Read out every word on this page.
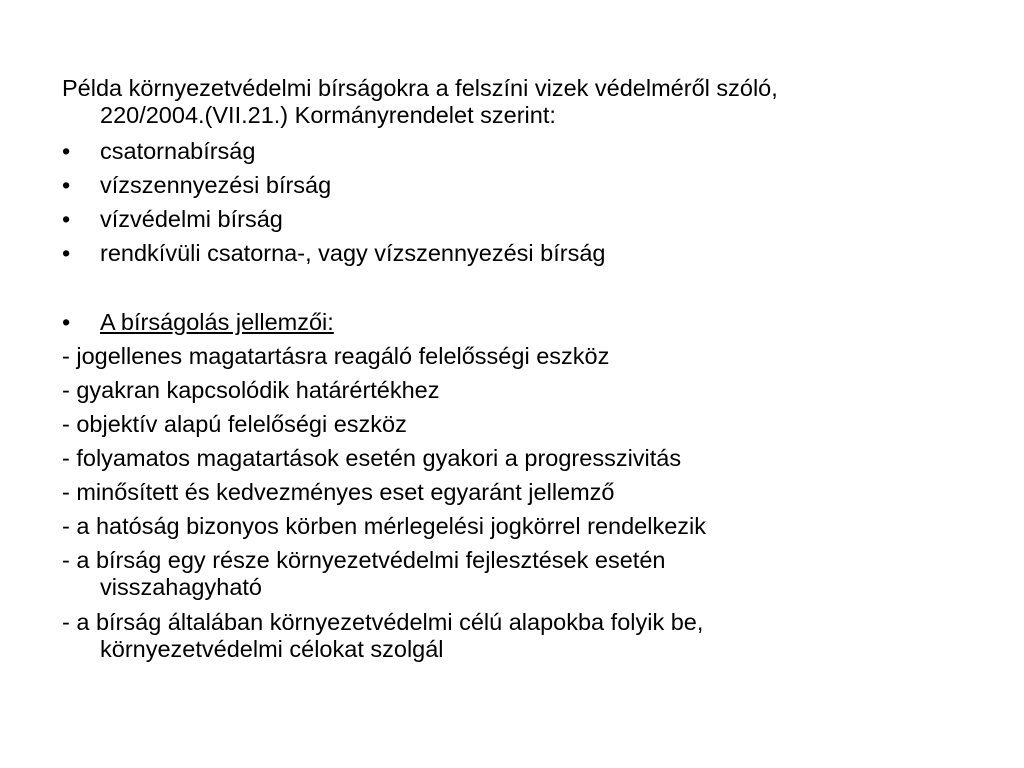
Példa környezetvédelmi bírságokra a felszíni vizek védelméről szóló,
220/2004.(VII.21.) Kormányrendelet szerint:
• csatornabírság
• vízszennyezési bírság
• vízvédelmi bírság
• rendkívüli csatorna-, vagy vízszennyezési bírság
• A bírságolás jellemzői:
- jogellenes magatartásra reagáló felelősségi eszköz
- gyakran kapcsolódik határértékhez
- objektív alapú felelőségi eszköz
- folyamatos magatartások esetén gyakori a progresszivitás
- minősített és kedvezményes eset egyaránt jellemző
- a hatóság bizonyos körben mérlegelési jogkörrel rendelkezik
- a bírság egy része környezetvédelmi fejlesztések esetén
visszahagyható
- a bírság általában környezetvédelmi célú alapokba folyik be,
környezetvédelmi célokat szolgál
